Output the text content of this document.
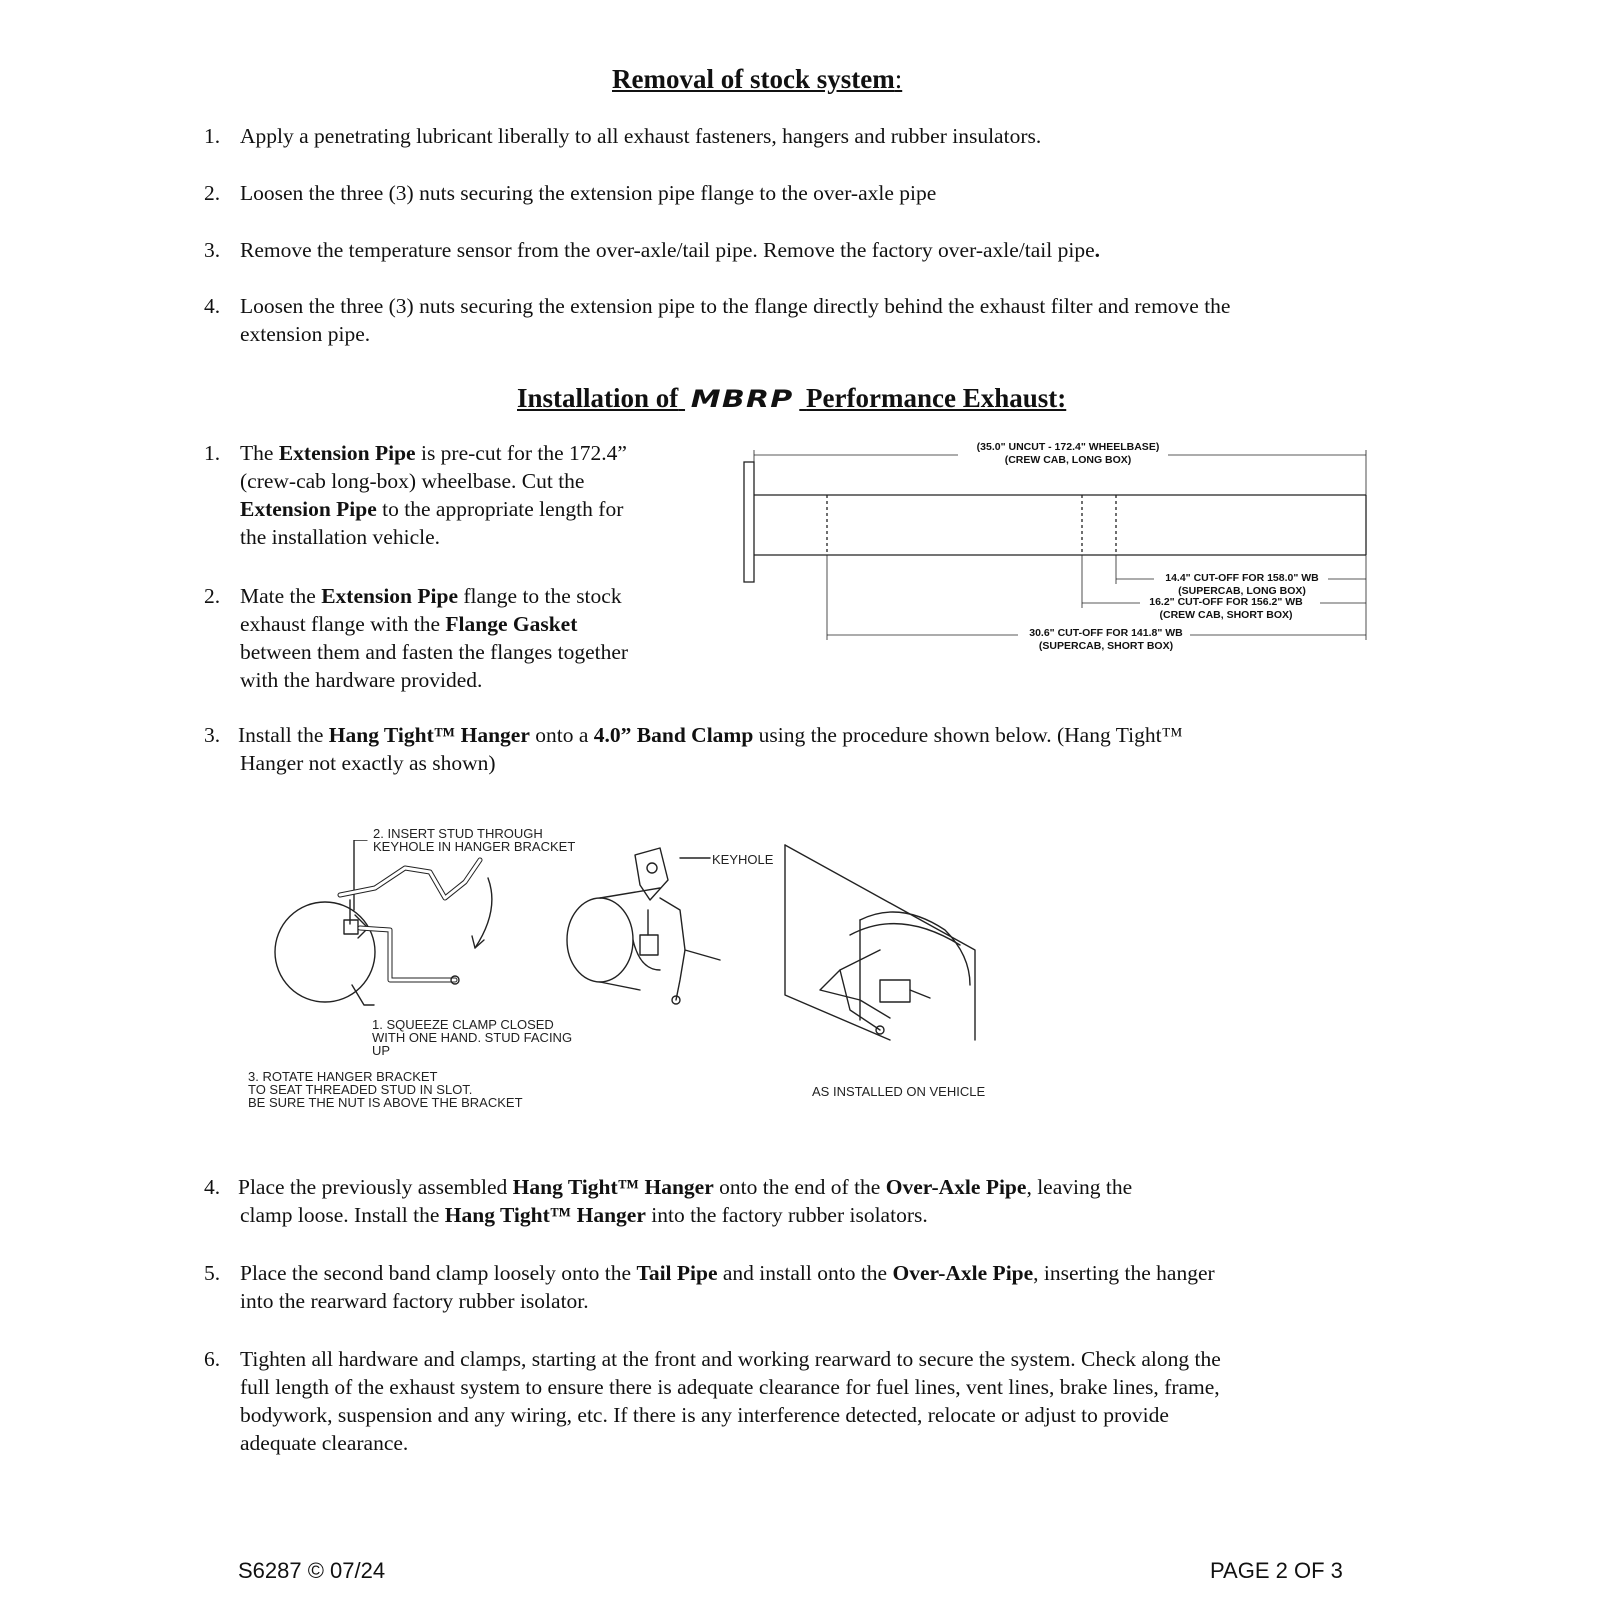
Removal of stock system:
1. Apply a penetrating lubricant liberally to all exhaust fasteners, hangers and rubber insulators.
2. Loosen the three (3) nuts securing the extension pipe flange to the over-axle pipe
3. Remove the temperature sensor from the over-axle/tail pipe. Remove the factory over-axle/tail pipe.
4. Loosen the three (3) nuts securing the extension pipe to the flange directly behind the exhaust filter and remove the
extension pipe.
Installation of MBRP Performance Exhaust:
1. The Extension Pipe is pre-cut for the 172.4”
(crew-cab long-box) wheelbase. Cut the
Extension Pipe to the appropriate length for
the installation vehicle.
2. Mate the Extension Pipe flange to the stock
exhaust flange with the Flange Gasket
between them and fasten the flanges together
with the hardware provided.
(35.0" UNCUT - 172.4" WHEELBASE)
(CREW CAB, LONG BOX)
14.4" CUT-OFF FOR 158.0" WB
(SUPERCAB, LONG BOX)
16.2" CUT-OFF FOR 156.2" WB
(CREW CAB, SHORT BOX)
30.6" CUT-OFF FOR 141.8" WB
(SUPERCAB, SHORT BOX)
3. Install the Hang Tight™ Hanger onto a 4.0” Band Clamp using the procedure shown below. (Hang Tight™
Hanger not exactly as shown)
2. INSERT STUD THROUGH
KEYHOLE IN HANGER BRACKET
KEYHOLE
1. SQUEEZE CLAMP CLOSED
WITH ONE HAND. STUD FACING
UP
3. ROTATE HANGER BRACKET
TO SEAT THREADED STUD IN SLOT.
BE SURE THE NUT IS ABOVE THE BRACKET
AS INSTALLED ON VEHICLE
4. Place the previously assembled Hang Tight™ Hanger onto the end of the Over-Axle Pipe, leaving the
clamp loose. Install the Hang Tight™ Hanger into the factory rubber isolators.
5. Place the second band clamp loosely onto the Tail Pipe and install onto the Over-Axle Pipe, inserting the hanger
into the rearward factory rubber isolator.
6. Tighten all hardware and clamps, starting at the front and working rearward to secure the system. Check along the
full length of the exhaust system to ensure there is adequate clearance for fuel lines, vent lines, brake lines, frame,
bodywork, suspension and any wiring, etc. If there is any interference detected, relocate or adjust to provide
adequate clearance.
S6287 © 07/24	PAGE 2 OF 3
